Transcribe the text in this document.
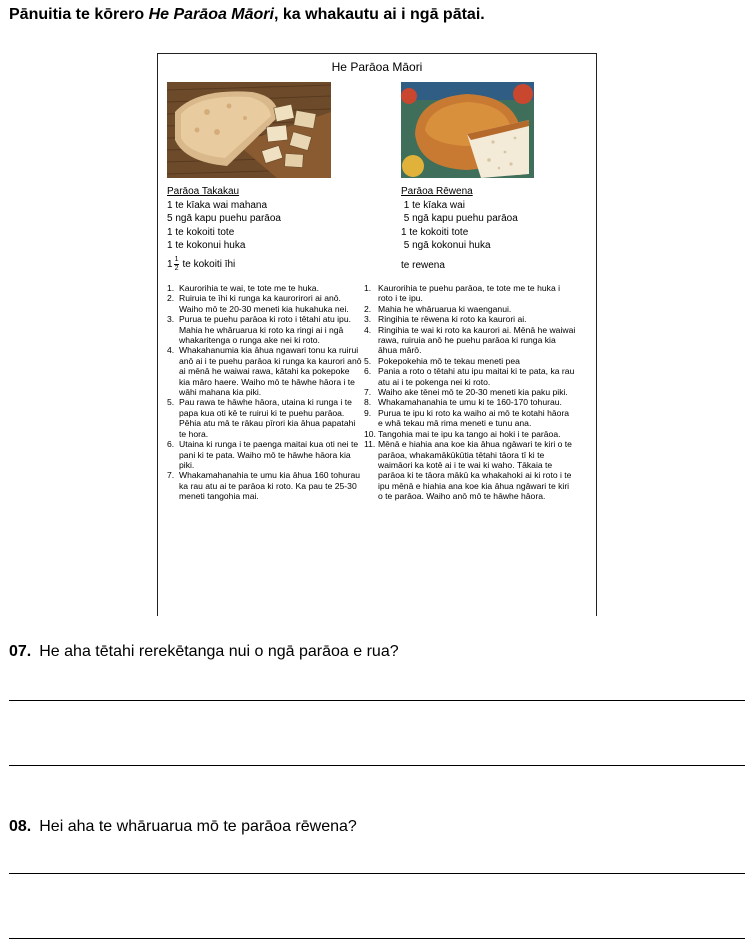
Pānuitia te kōrero He Parāoa Māori, ka whakautu ai i ngā pātai.
He Parāoa Māori
Parāoa Takakau
1 te kīaka wai mahana
5 ngā kapu puehu parāoa
1 te kokoiti tote
1 te kokonui huka
$1 \frac{1}{2}$ te kokoiti īhi
Parāoa Rēwena
1 te kīaka wai
5 ngā kapu puehu parāoa
1 te kokoiti tote
5 ngā kokonui huka
te rewena
1. Kaurorihia te wai, te tote me te huka.
2. Ruiruia te īhi ki runga ka kaurorirori ai anō. Waiho mō te 20-30 meneti kia hukahuka nei.
3. Purua te puehu parāoa ki roto i tētahi atu ipu. Mahia he whāruarua ki roto ka ringi ai i ngā whakaritenga o runga ake nei ki roto.
4. Whakahanumia kia āhua ngawari tonu ka ruirui anō ai i te puehu parāoa ki runga ka kaurori anō ai mēnā he waiwai rawa, kātahi ka pokepoke kia māro haere. Waiho mō te hāwhe hāora i te wāhi mahana kia piki.
5. Pau rawa te hāwhe hāora, utaina ki runga i te papa kua oti kē te ruirui ki te puehu parāoa. Pēhia atu mā te rākau pīrori kia āhua papatahi te hora.
6. Utaina ki runga i te paenga maitai kua oti nei te pani ki te pata. Waiho mō te hāwhe hāora kia piki.
7. Whakamahanahia te umu kia āhua 160 tohurau ka rau atu ai te parāoa ki roto. Ka pau te 25-30 meneti tangohia mai.
1. Kaurorihia te puehu parāoa, te tote me te huka i roto i te ipu.
2. Mahia he whāruarua ki waenganui.
3. Ringihia te rēwena ki roto ka kaurori ai.
4. Ringihia te wai ki roto ka kaurori ai. Mēnā he waiwai rawa, ruiruia anō he puehu parāoa ki runga kia āhua mārō.
5. Pokepokehia mō te tekau meneti pea
6. Pania a roto o tētahi atu ipu maitai ki te pata, ka rau atu ai i te pokenga nei ki roto.
7. Waiho ake tēnei mō te 20-30 meneti kia paku piki.
8. Whakamahanahia te umu ki te 160-170 tohurau.
9. Purua te ipu ki roto ka waiho ai mō te kotahi hāora e whā tekau mā rima meneti e tunu ana.
10. Tangohia mai te ipu ka tango ai hoki i te parāoa.
11. Mēnā e hiahia ana koe kia āhua ngāwari te kiri o te parāoa, whakamākūkūtia tētahi tāora tī ki te waimāori ka kotē ai i te wai ki waho. Tākaia te parāoa ki te tāora mākū ka whakahoki ai ki roto i te ipu mēnā e hiahia ana koe kia āhua ngāwari te kiri o te parāoa. Waiho anō mō te hāwhe hāora.
07. He aha tētahi rerekētanga nui o ngā parāoa e rua?
08. Hei aha te whāruarua mō te parāoa rēwena?
